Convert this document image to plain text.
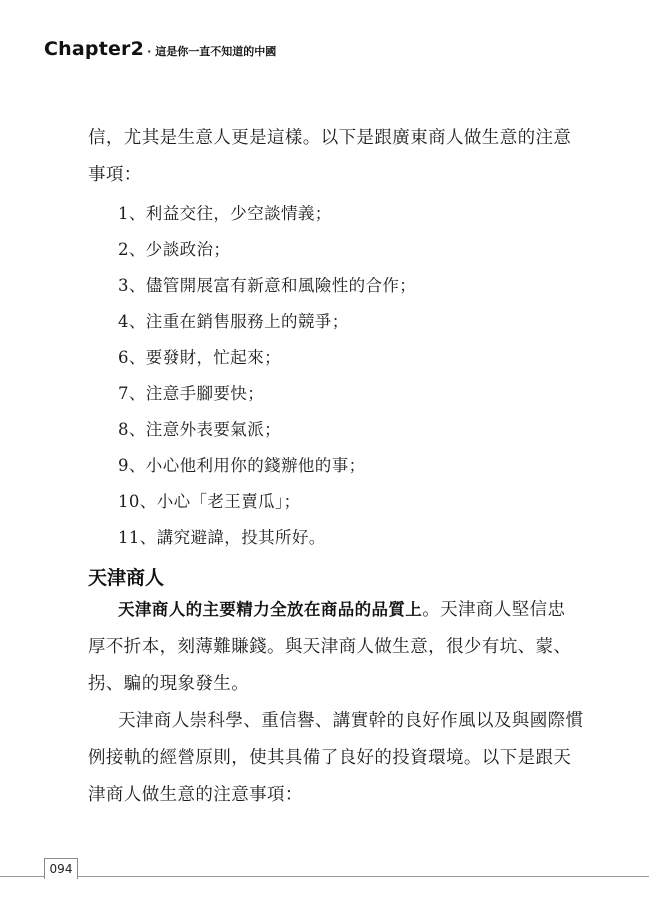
Chapter2 · 這是你一直不知道的中國
信，尤其是生意人更是這樣。以下是跟廣東商人做生意的注意
事項：
1、利益交往，少空談情義；
2、少談政治；
3、儘管開展富有新意和風險性的合作；
4、注重在銷售服務上的競爭；
6、要發財，忙起來；
7、注意手腳要快；
8、注意外表要氣派；
9、小心他利用你的錢辦他的事；
10、小心「老王賣瓜」；
11、講究避諱，投其所好。
天津商人
天津商人的主要精力全放在商品的品質上。天津商人堅信忠
厚不折本，刻薄難賺錢。與天津商人做生意，很少有坑、蒙、
拐、騙的現象發生。
天津商人崇科學、重信譽、講實幹的良好作風以及與國際慣
例接軌的經營原則，使其具備了良好的投資環境。以下是跟天
津商人做生意的注意事項：
094
